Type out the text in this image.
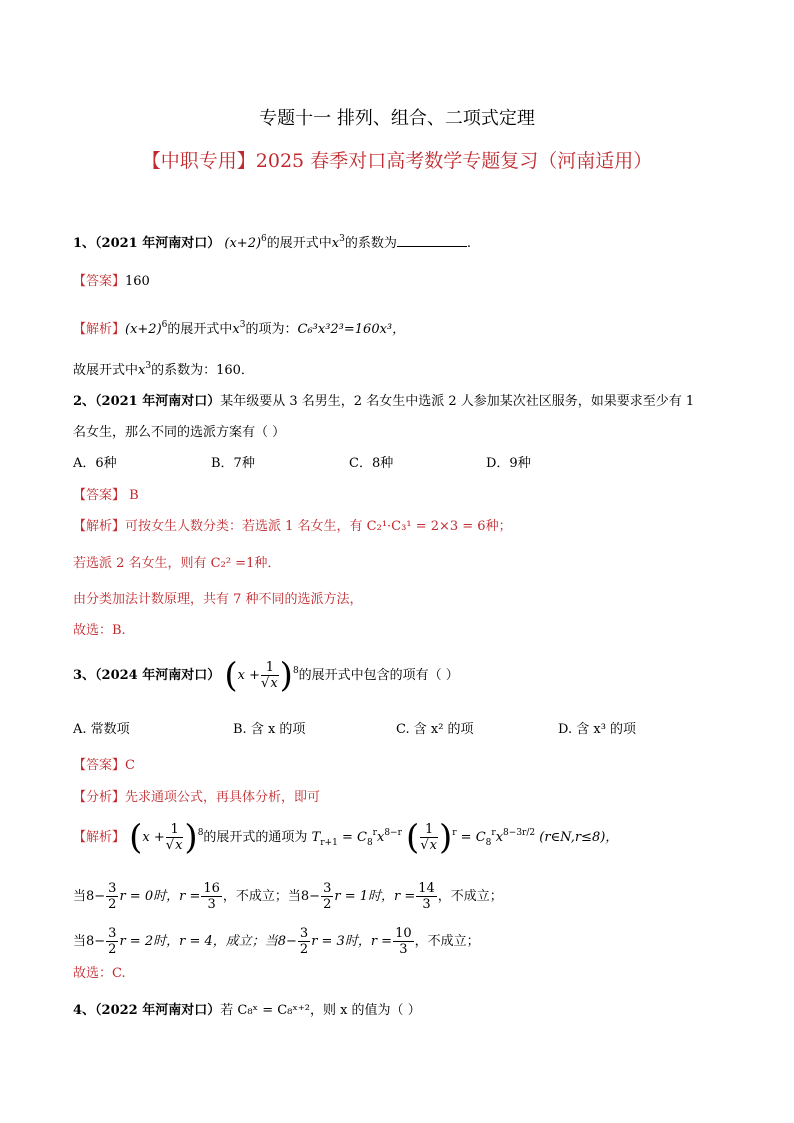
专题十一 排列、组合、二项式定理
【中职专用】2025 春季对口高考数学专题复习（河南适用）
1、（2021 年河南对口） $(x+2)^6$的展开式中$x^3$的系数为	.
【答案】160
【解析】$(x+2)^6$的展开式中$x^3$的项为：C₆³x³2³=160x³，
故展开式中$x^3$的系数为：160．
2、（2021 年河南对口）某年级要从 3 名男生，2 名女生中选派 2 人参加某次社区服务，如果要求至少有 1
名女生，那么不同的选派方案有（ ）
A．6种	B．7种	C．8种	D．9种
【答案】 B
【解析】可按女生人数分类：若选派 1 名女生，有 C₂¹·C₃¹ = 2×3 = 6种；
若选派 2 名女生，则有 C₂² =1种．
由分类加法计数原理，共有 7 种不同的选派方法，
故选：B.
3、（2024 年河南对口） $(x + \frac{1}{√x} )^8$的展开式中包含的项有（ ）
A. 常数项	B. 含 x 的项	C. 含 x² 的项	D. 含 x³ 的项
【答案】C
【分析】先求通项公式，再具体分析，即可
【解析】 $(x + \frac{1}{√x} )^8$的展开式的通项为 $T_{r+1} = C_8^rx^{8-r}$ ( $\frac{1}{√x} )^r = C_8^rx^{8-3r/2}$ (r∈N,r≤8)，
当$8- \frac{3}{2}$ r = 0时，$r = \frac{16}{3}$ ，不成立；当$8- \frac{3}{2}$ r = 1时，$r = \frac{14}{3}$ ，不成立；
当$8- \frac{3}{2}$ r = 2时，r = 4，成立；当$8- \frac{3}{2}$ r = 3时，$r = \frac{10}{3}$ ，不成立；
故选：C.
4、（2022 年河南对口）若 C₈ˣ = C₈ˣ⁺²，则 x 的值为（ ）
